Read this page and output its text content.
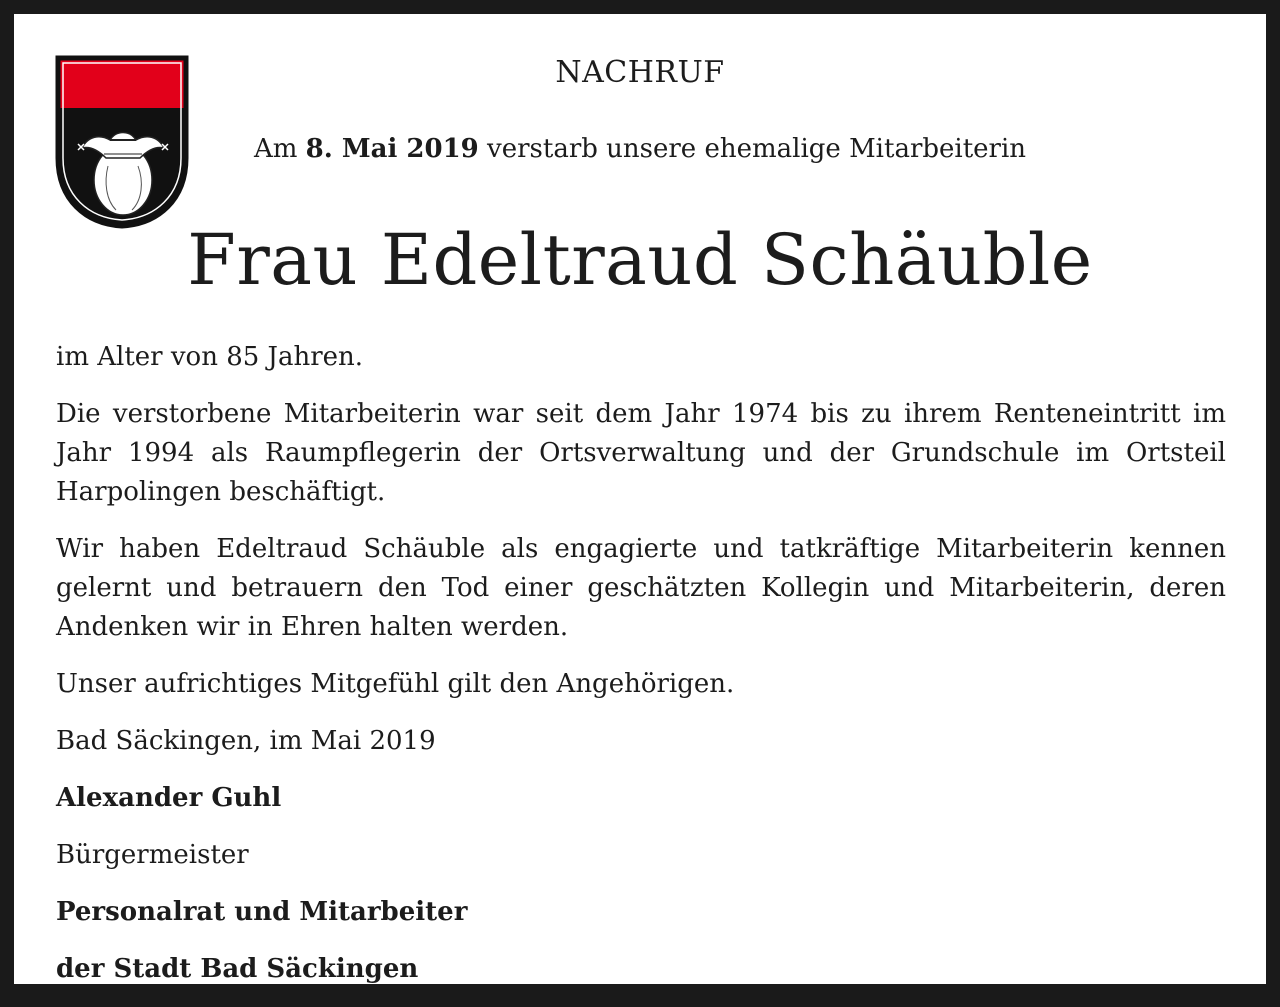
NACHRUF

Am 8. Mai 2019 verstarb unsere ehemalige Mitarbeiterin

Frau Edeltraud Schäuble

im Alter von 85 Jahren.

Die verstorbene Mitarbeiterin war seit dem Jahr 1974 bis zu ihrem Renteneintritt im Jahr 1994 als Raumpflegerin der Ortsverwaltung und der Grundschule im Ortsteil Harpolingen beschäftigt.

Wir haben Edeltraud Schäuble als engagierte und tatkräftige Mitarbeiterin kennen gelernt und betrauern den Tod einer geschätzten Kollegin und Mitarbeiterin, deren Andenken wir in Ehren halten werden.

Unser aufrichtiges Mitgefühl gilt den Angehörigen.

Bad Säckingen, im Mai 2019

Alexander Guhl

Bürgermeister

Personalrat und Mitarbeiter

der Stadt Bad Säckingen
